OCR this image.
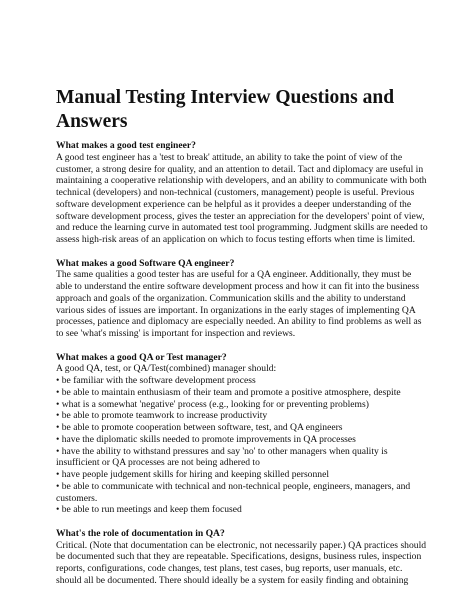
Manual Testing Interview Questions and Answers

What makes a good test engineer?

A good test engineer has a 'test to break' attitude, an ability to take the point of view of the customer, a strong desire for quality, and an attention to detail. Tact and diplomacy are useful in maintaining a cooperative relationship with developers, and an ability to communicate with both technical (developers) and non-technical (customers, management) people is useful. Previous software development experience can be helpful as it provides a deeper understanding of the software development process, gives the tester an appreciation for the developers' point of view, and reduce the learning curve in automated test tool programming. Judgment skills are needed to assess high-risk areas of an application on which to focus testing efforts when time is limited.

What makes a good Software QA engineer?

The same qualities a good tester has are useful for a QA engineer. Additionally, they must be able to understand the entire software development process and how it can fit into the business approach and goals of the organization. Communication skills and the ability to understand various sides of issues are important. In organizations in the early stages of implementing QA processes, patience and diplomacy are especially needed. An ability to find problems as well as to see 'what's missing' is important for inspection and reviews.

What makes a good QA or Test manager?

A good QA, test, or QA/Test(combined) manager should:

• be familiar with the software development process
• be able to maintain enthusiasm of their team and promote a positive atmosphere, despite
• what is a somewhat 'negative' process (e.g., looking for or preventing problems)
• be able to promote teamwork to increase productivity
• be able to promote cooperation between software, test, and QA engineers
• have the diplomatic skills needed to promote improvements in QA processes
• have the ability to withstand pressures and say 'no' to other managers when quality is insufficient or QA processes are not being adhered to
• have people judgement skills for hiring and keeping skilled personnel
• be able to communicate with technical and non-technical people, engineers, managers, and customers.
• be able to run meetings and keep them focused

What's the role of documentation in QA?

Critical. (Note that documentation can be electronic, not necessarily paper.) QA practices should be documented such that they are repeatable. Specifications, designs, business rules, inspection reports, configurations, code changes, test plans, test cases, bug reports, user manuals, etc. should all be documented. There should ideally be a system for easily finding and obtaining
